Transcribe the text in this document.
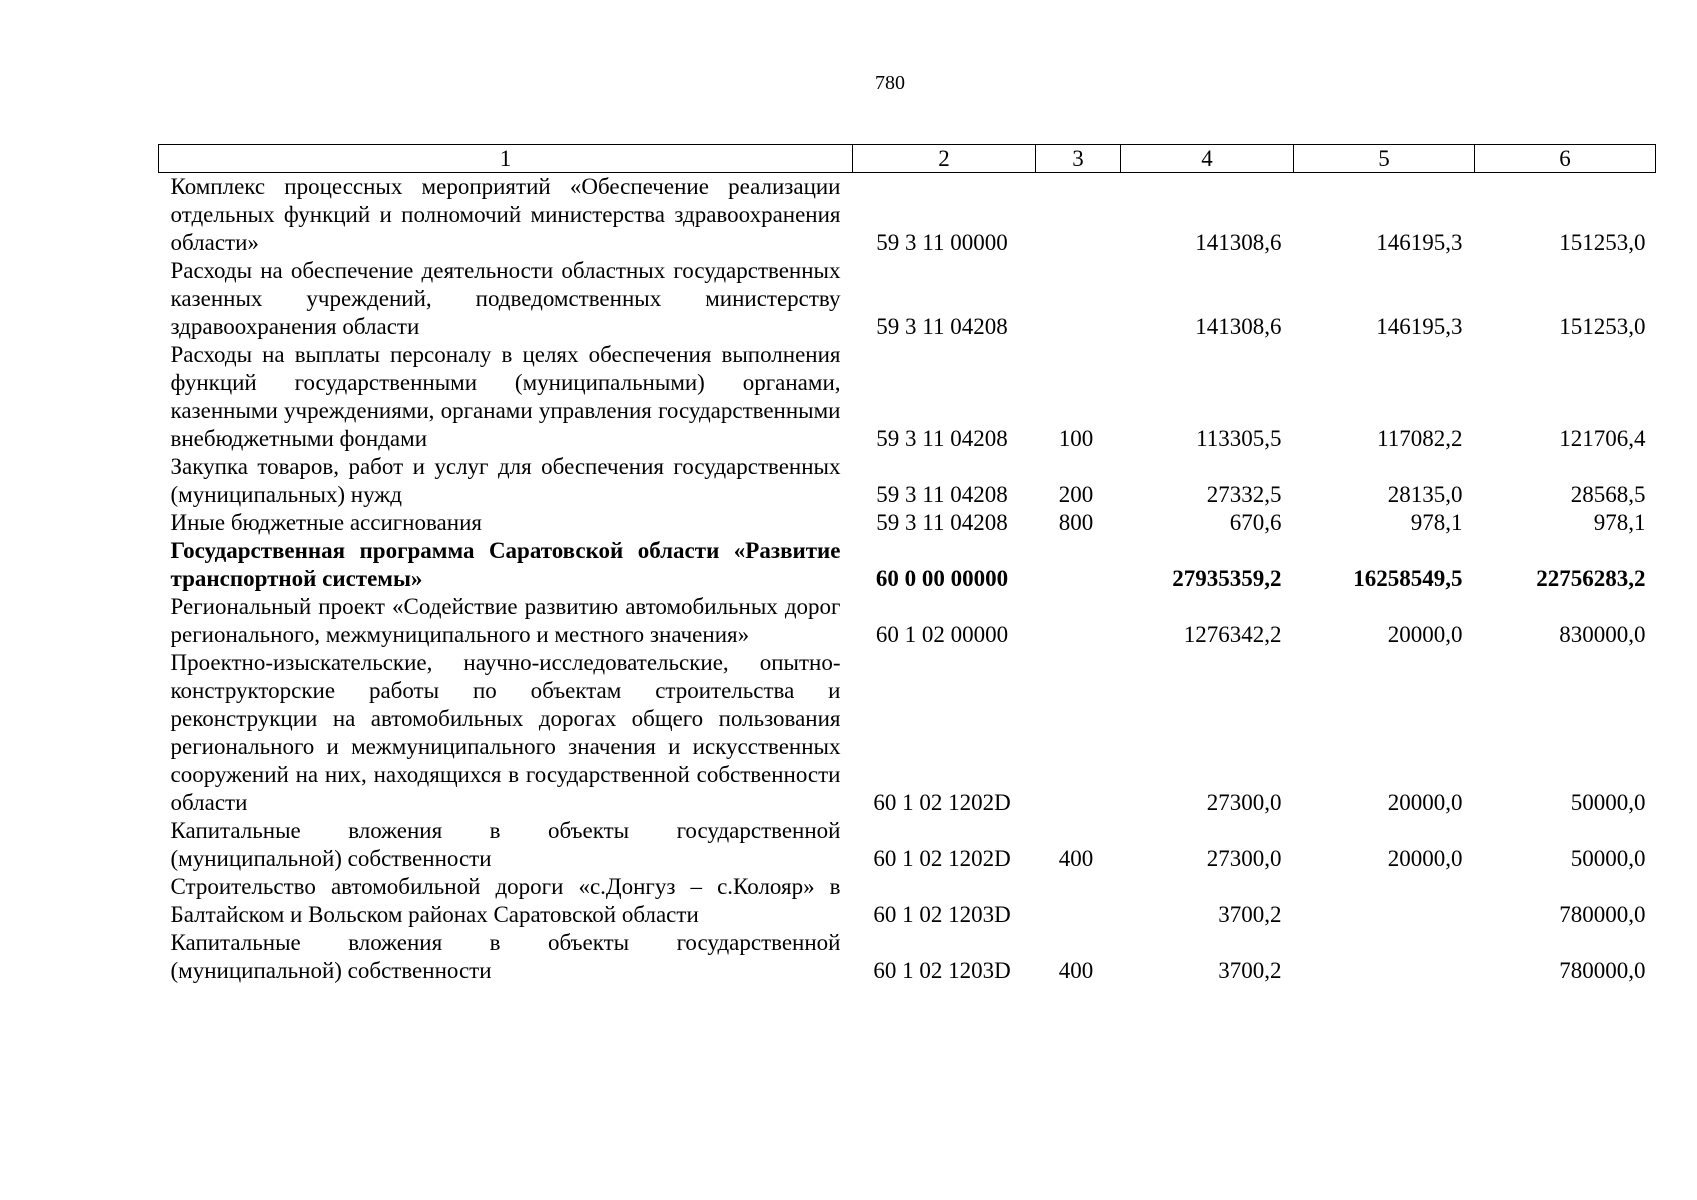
780
1	2	3	4	5	6
Комплекс процессных мероприятий «Обеспечение реализации отдельных функций и полномочий министерства здравоохранения области»	59 3 11 00000		141308,6	146195,3	151253,0
Расходы на обеспечение деятельности областных государственных казенных учреждений, подведомственных министерству здравоохранения области	59 3 11 04208		141308,6	146195,3	151253,0
Расходы на выплаты персоналу в целях обеспечения выполнения функций государственными (муниципальными) органами, казенными учреждениями, органами управления государственными внебюджетными фондами	59 3 11 04208	100	113305,5	117082,2	121706,4
Закупка товаров, работ и услуг для обеспечения государственных (муниципальных) нужд	59 3 11 04208	200	27332,5	28135,0	28568,5
Иные бюджетные ассигнования	59 3 11 04208	800	670,6	978,1	978,1
Государственная программа Саратовской области «Развитие транспортной системы»	60 0 00 00000		27935359,2	16258549,5	22756283,2
Региональный проект «Содействие развитию автомобильных дорог регионального, межмуниципального и местного значения»	60 1 02 00000		1276342,2	20000,0	830000,0
Проектно-изыскательские, научно-исследовательские, опытно-конструкторские работы по объектам строительства и реконструкции на автомобильных дорогах общего пользования регионального и межмуниципального значения и искусственных сооружений на них, находящихся в государственной собственности области	60 1 02 1202D		27300,0	20000,0	50000,0
Капитальные вложения в объекты государственной (муниципальной) собственности	60 1 02 1202D	400	27300,0	20000,0	50000,0
Строительство автомобильной дороги «с.Донгуз – с.Колояр» в Балтайском и Вольском районах Саратовской области	60 1 02 1203D		3700,2		780000,0
Капитальные вложения в объекты государственной (муниципальной) собственности	60 1 02 1203D	400	3700,2		780000,0
